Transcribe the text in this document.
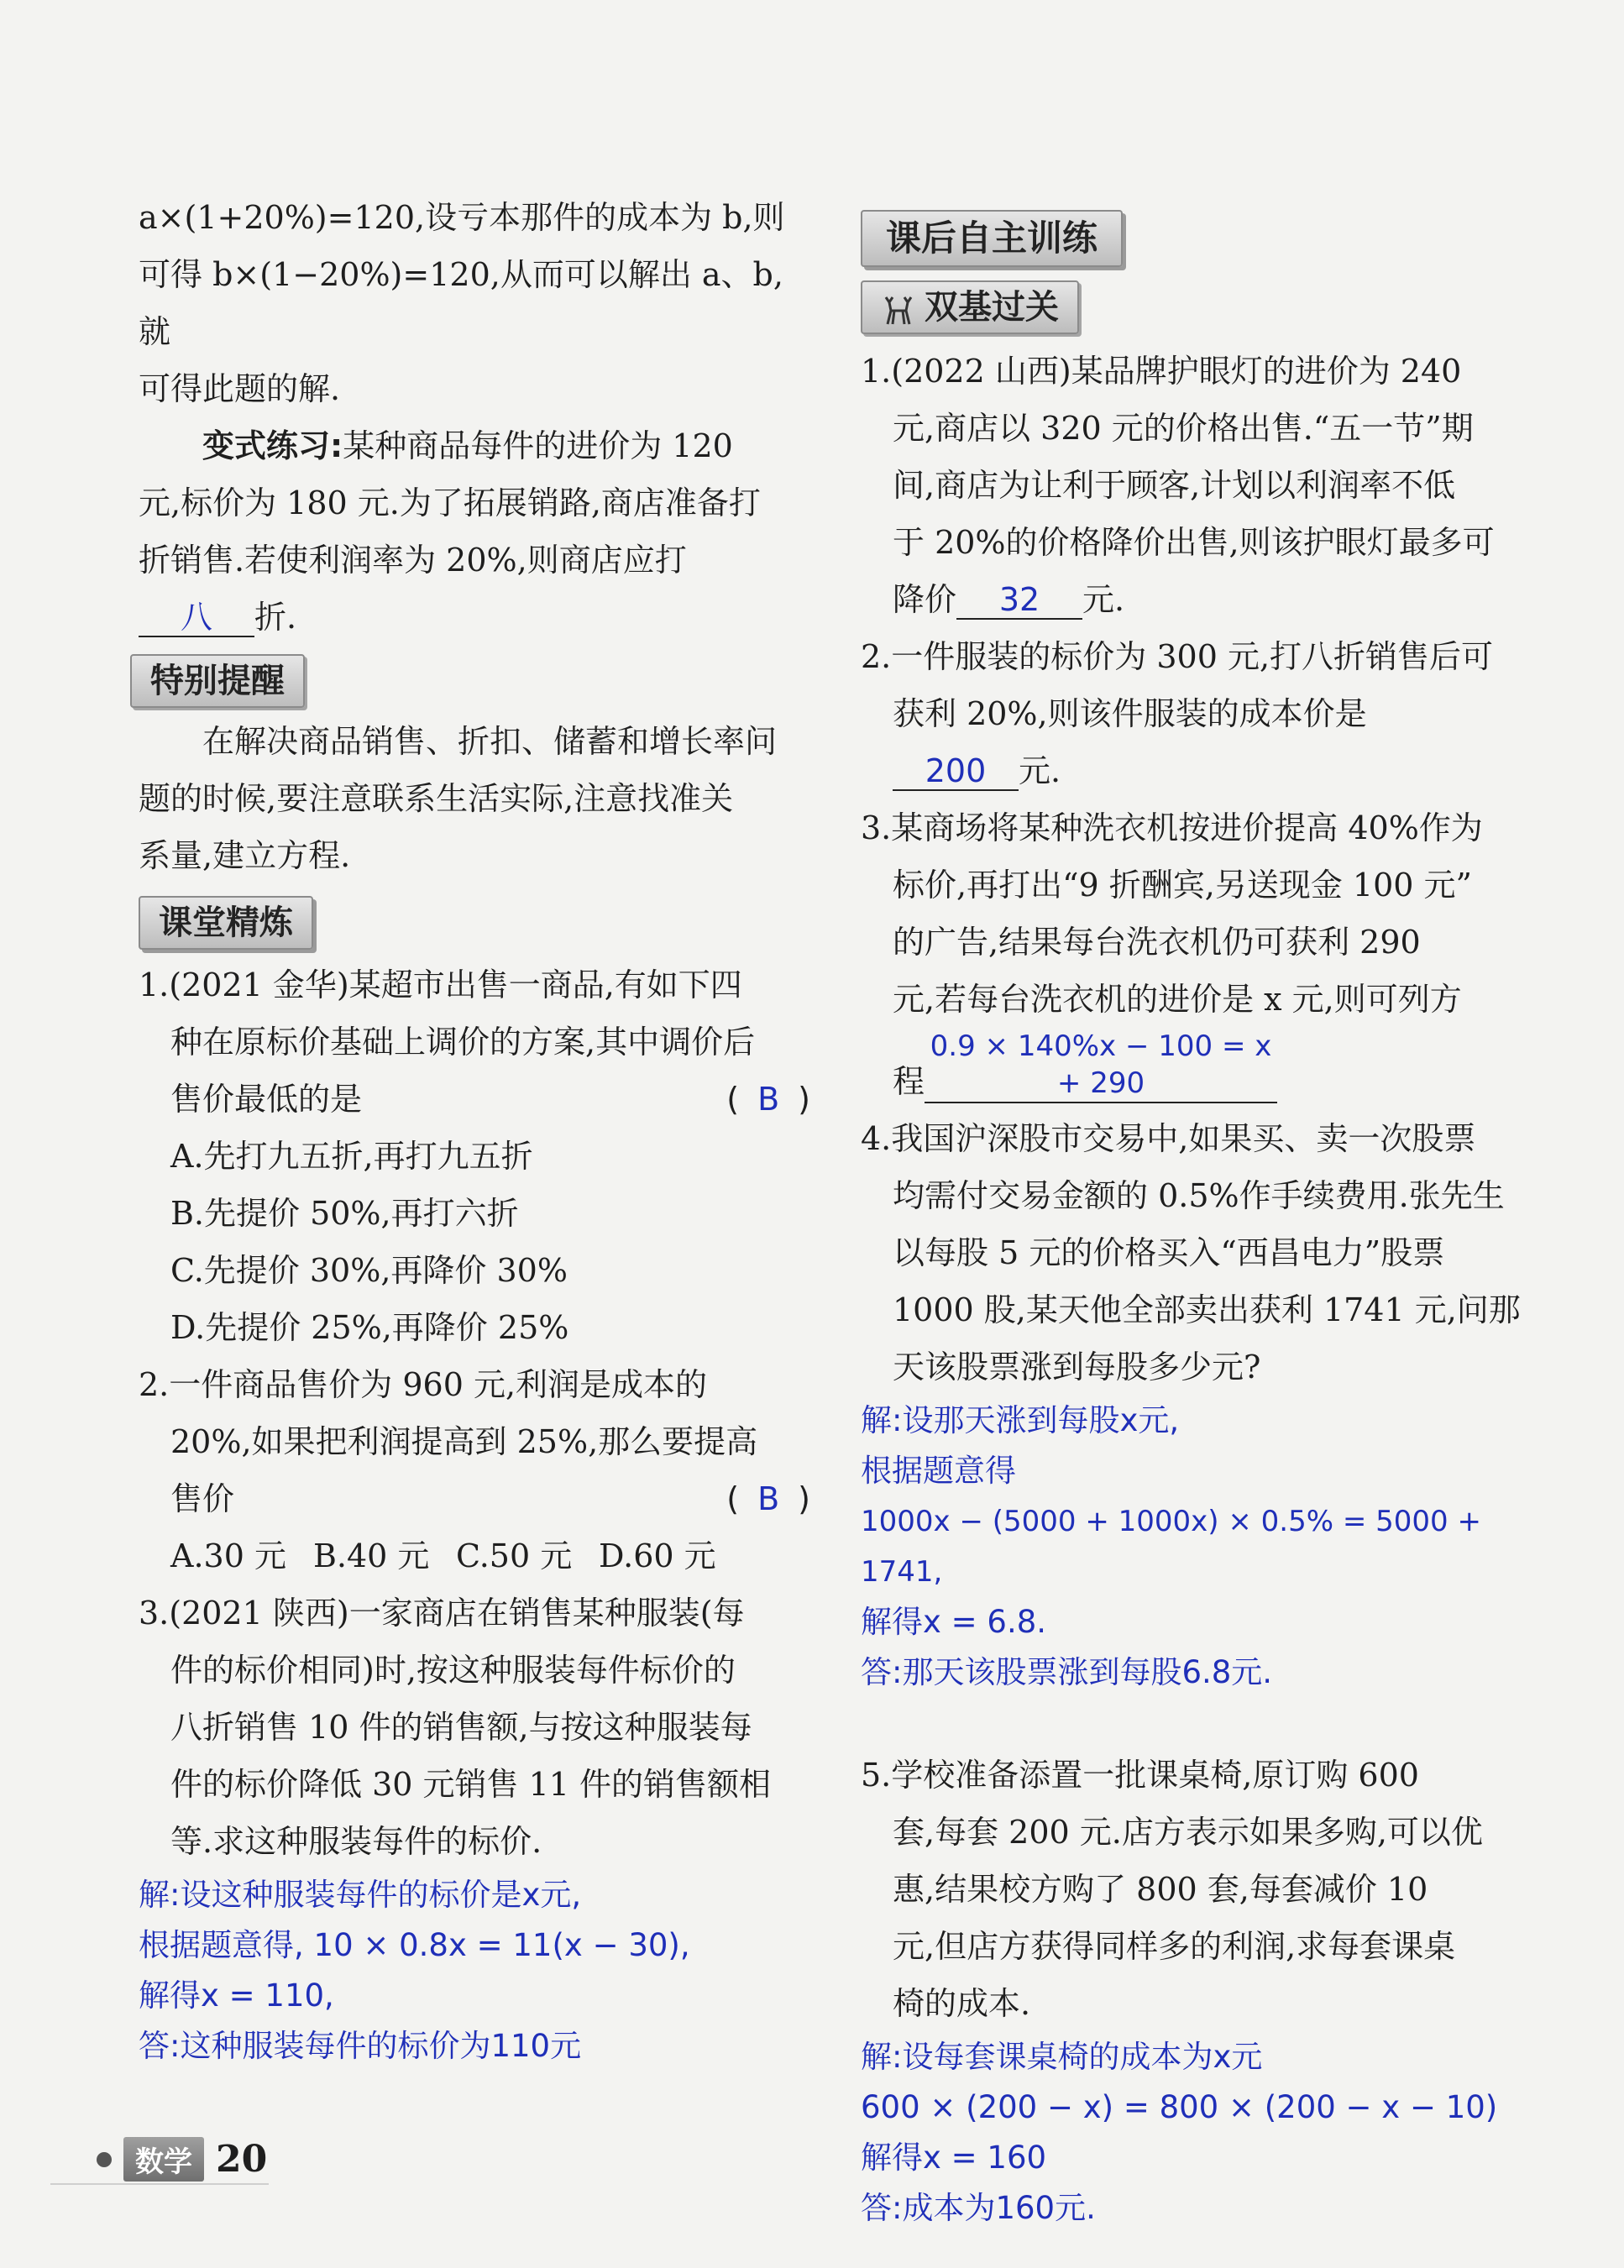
a×(1+20%)=120,设亏本那件的成本为 b,则

可得 b×(1−20%)=120,从而可以解出 a、b,就

可得此题的解.

变式练习:某种商品每件的进价为 120

元,标价为 180 元.为了拓展销路,商店准备打

折销售.若使利润率为 20%,则商店应打

八 折.

特别提醒

在解决商品销售、折扣、储蓄和增长率问

题的时候,要注意联系生活实际,注意找准关

系量,建立方程.

课堂精炼

1.(2021 金华)某超市出售一商品,有如下四

种在原标价基础上调价的方案,其中调价后

售价最低的是	( B )

A.先打九五折,再打九五折

B.先提价 50%,再打六折

C.先提价 30%,再降价 30%

D.先提价 25%,再降价 25%

2.一件商品售价为 960 元,利润是成本的

20%,如果把利润提高到 25%,那么要提高

售价	( B )

A.30 元 B.40 元 C.50 元 D.60 元

3.(2021 陕西)一家商店在销售某种服装(每

件的标价相同)时,按这种服装每件标价的

八折销售 10 件的销售额,与按这种服装每

件的标价降低 30 元销售 11 件的销售额相

等.求这种服装每件的标价.

解:设这种服装每件的标价是x元,

根据题意得, 10 × 0.8x = 11(x − 30),

解得x = 110,

答:这种服装每件的标价为110元

课后自主训练
双基过关

1.(2022 山西)某品牌护眼灯的进价为 240

元,商店以 320 元的价格出售.“五一节”期

间,商店为让利于顾客,计划以利润率不低

于 20%的价格降价出售,则该护眼灯最多可

降价 32 元.

2.一件服装的标价为 300 元,打八折销售后可

获利 20%,则该件服装的成本价是

200 元.

3.某商场将某种洗衣机按进价提高 40%作为

标价,再打出“9 折酬宾,另送现金 100 元”

的广告,结果每台洗衣机仍可获利 290

元,若每台洗衣机的进价是 x 元,则可列方

程0.9 × 140%x − 100 = x + 290

4.我国沪深股市交易中,如果买、卖一次股票

均需付交易金额的 0.5%作手续费用.张先生

以每股 5 元的价格买入“西昌电力”股票

1000 股,某天他全部卖出获利 1741 元,问那

天该股票涨到每股多少元?

解:设那天涨到每股x元,

根据题意得

1000x − (5000 + 1000x) × 0.5% = 5000 + 1741,

解得x = 6.8.

答:那天该股票涨到每股6.8元.

5.学校准备添置一批课桌椅,原订购 600

套,每套 200 元.店方表示如果多购,可以优

惠,结果校方购了 800 套,每套减价 10

元,但店方获得同样多的利润,求每套课桌

椅的成本.

解:设每套课桌椅的成本为x元

600 × (200 − x) = 800 × (200 − x − 10)

解得x = 160

答:成本为160元.

数学 20
